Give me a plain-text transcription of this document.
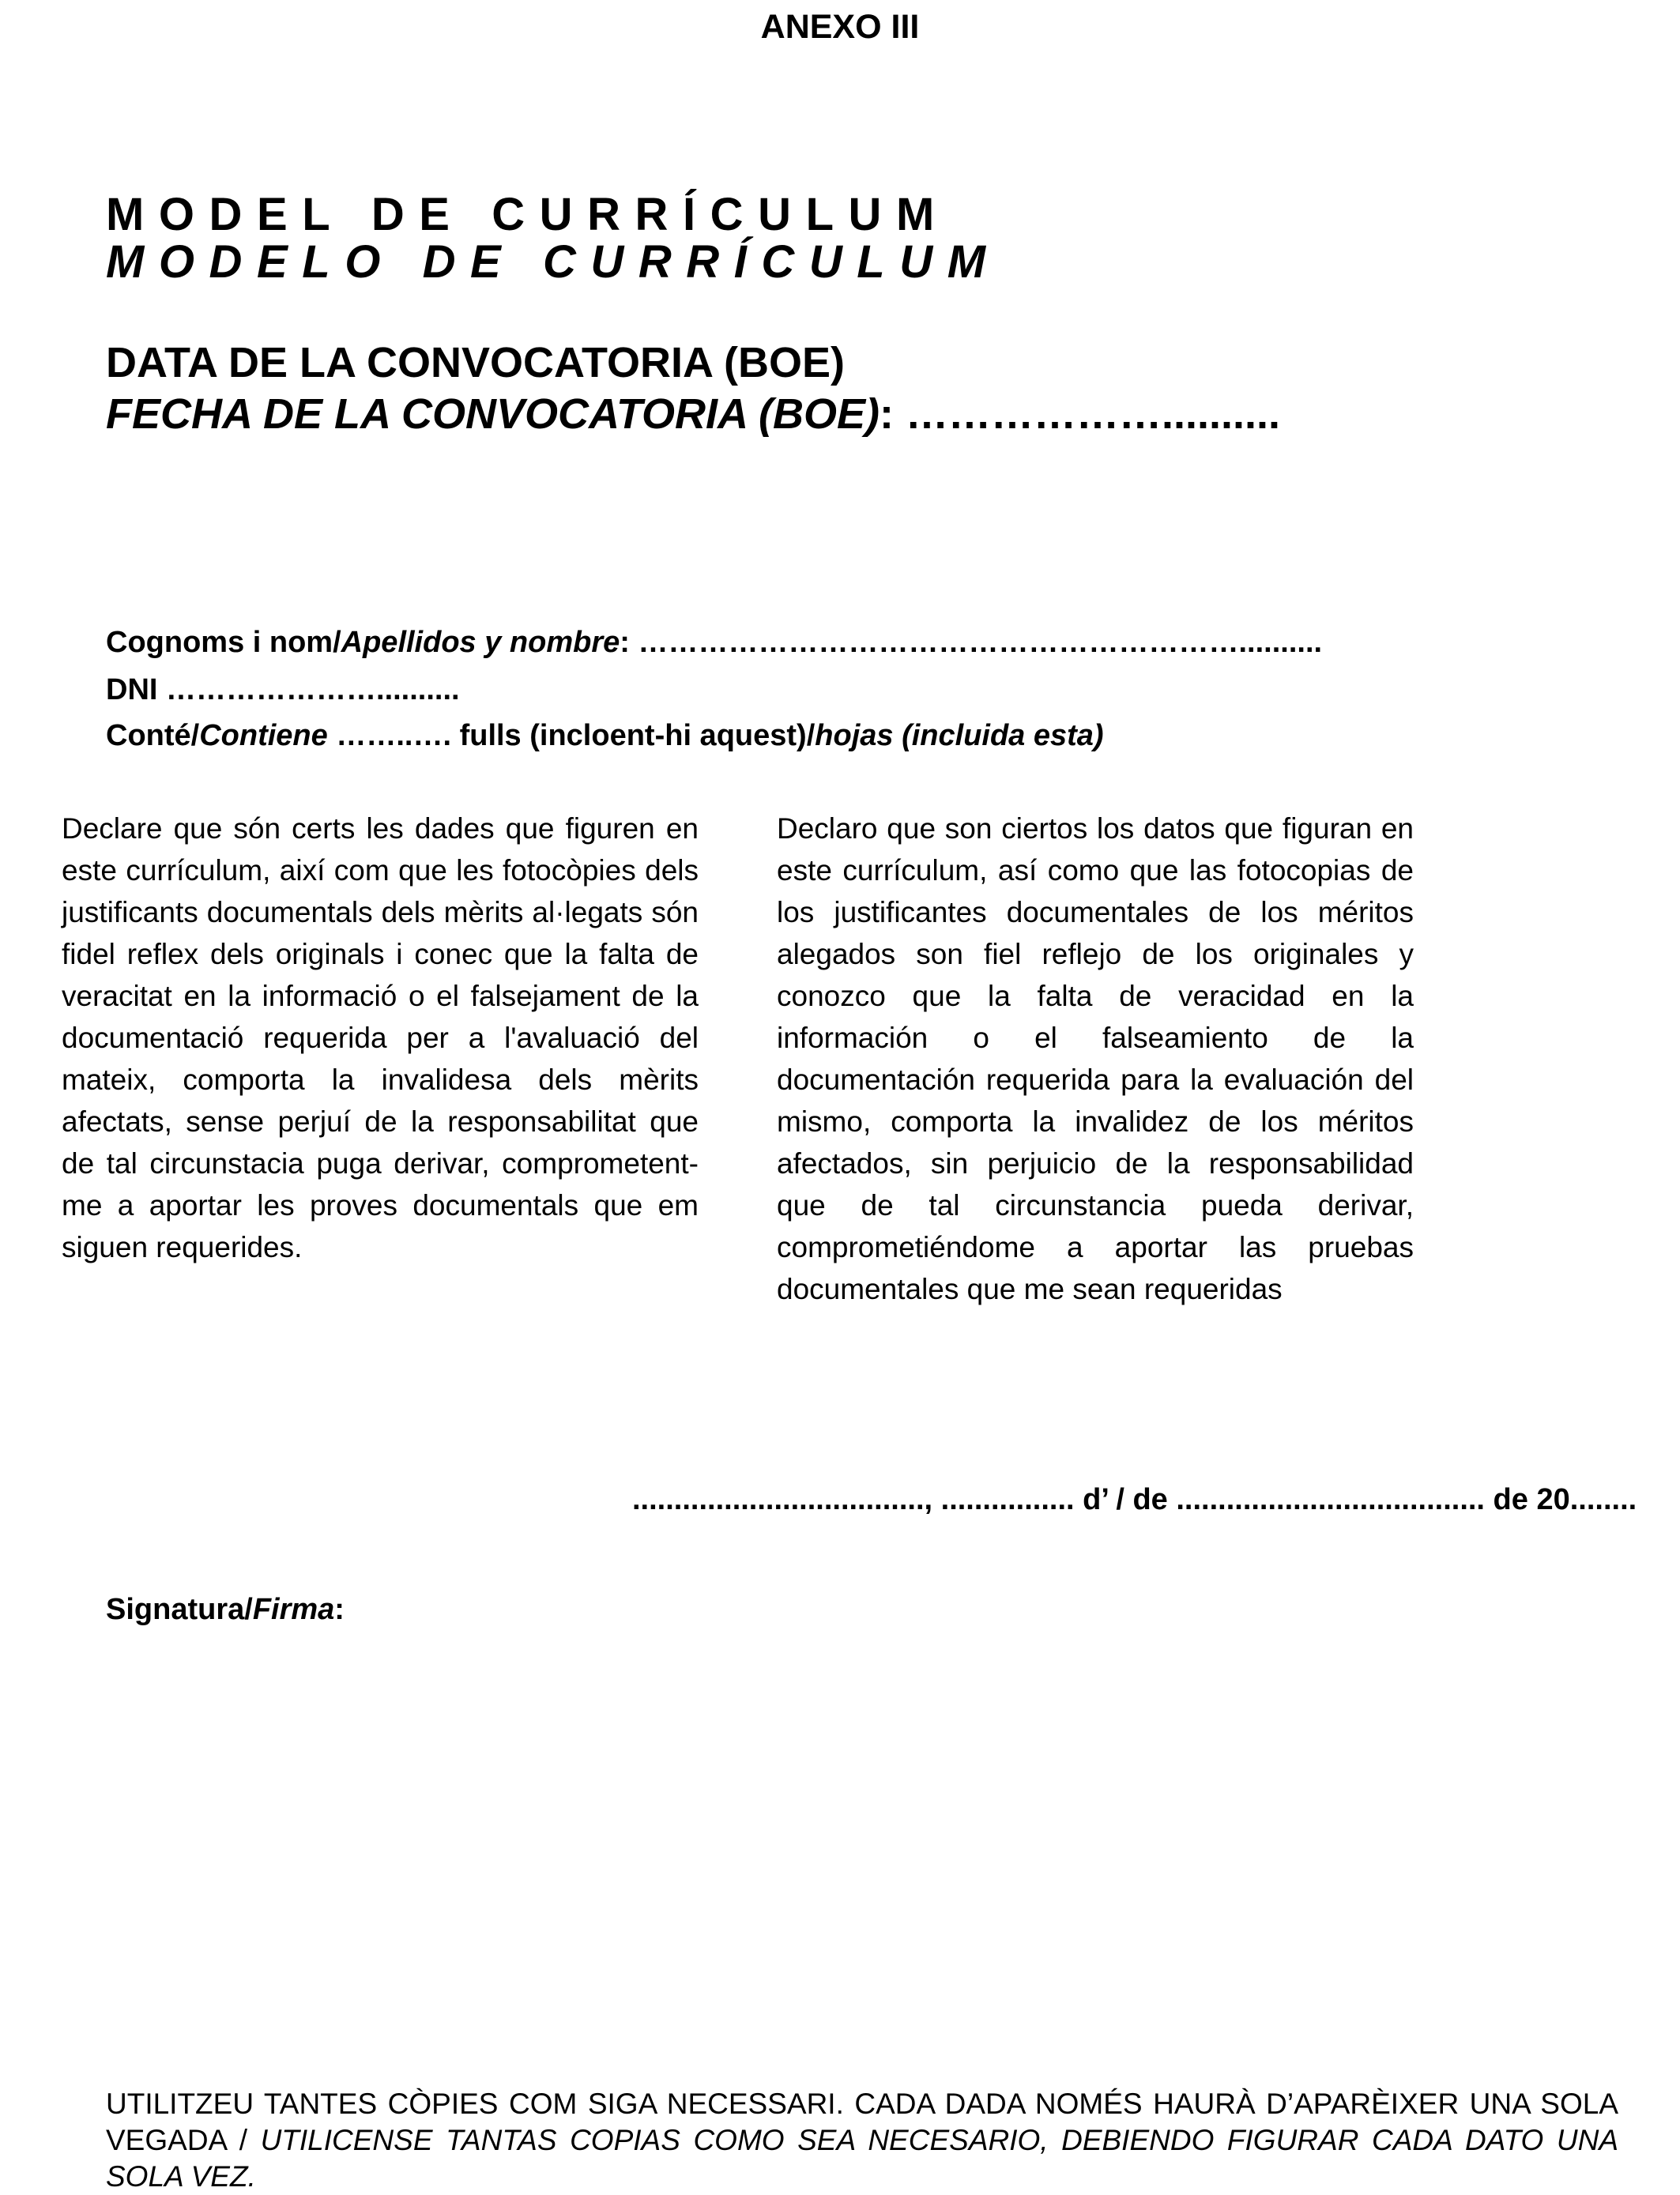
ANEXO III
MODEL DE CURRÍCULUM
MODELO DE CURRÍCULUM
DATA DE LA CONVOCATORIA (BOE)
FECHA DE LA CONVOCATORIA (BOE): ………………..........
Cognoms i nom/Apellidos y nombre: ……………………………………………………..........
DNI …………………..........
Conté/Contiene ……..…. fulls (incloent-hi aquest)/hojas (incluida esta)
Declare que són certs les dades que figuren en este currículum, així com que les fotocòpies dels justificants documentals dels mèrits al·legats són fidel reflex dels originals i conec que la falta de veracitat en la informació o el falsejament de la documentació requerida per a l'avaluació del mateix, comporta la invalidesa dels mèrits afectats, sense perjuí de la responsabilitat que de tal circunstacia puga derivar, comprometent-me a aportar les proves documentals que em siguen requerides.
Declaro que son ciertos los datos que figuran en este currículum, así como que las fotocopias de los justificantes documentales de los méritos alegados son fiel reflejo de los originales y conozco que la falta de veracidad en la información o el falseamiento de la documentación requerida para la evaluación del mismo, comporta la invalidez de los méritos afectados, sin perjuicio de la responsabilidad que de tal circunstancia pueda derivar, comprometiéndome a aportar las pruebas documentales que me sean requeridas
..................................., ................ d’ / de ..................................... de 20........
Signatura/Firma:
UTILITZEU TANTES CÒPIES COM SIGA NECESSARI. CADA DADA NOMÉS HAURÀ D’APARÈIXER UNA SOLA VEGADA / UTILICENSE TANTAS COPIAS COMO SEA NECESARIO, DEBIENDO FIGURAR CADA DATO UNA SOLA VEZ.
